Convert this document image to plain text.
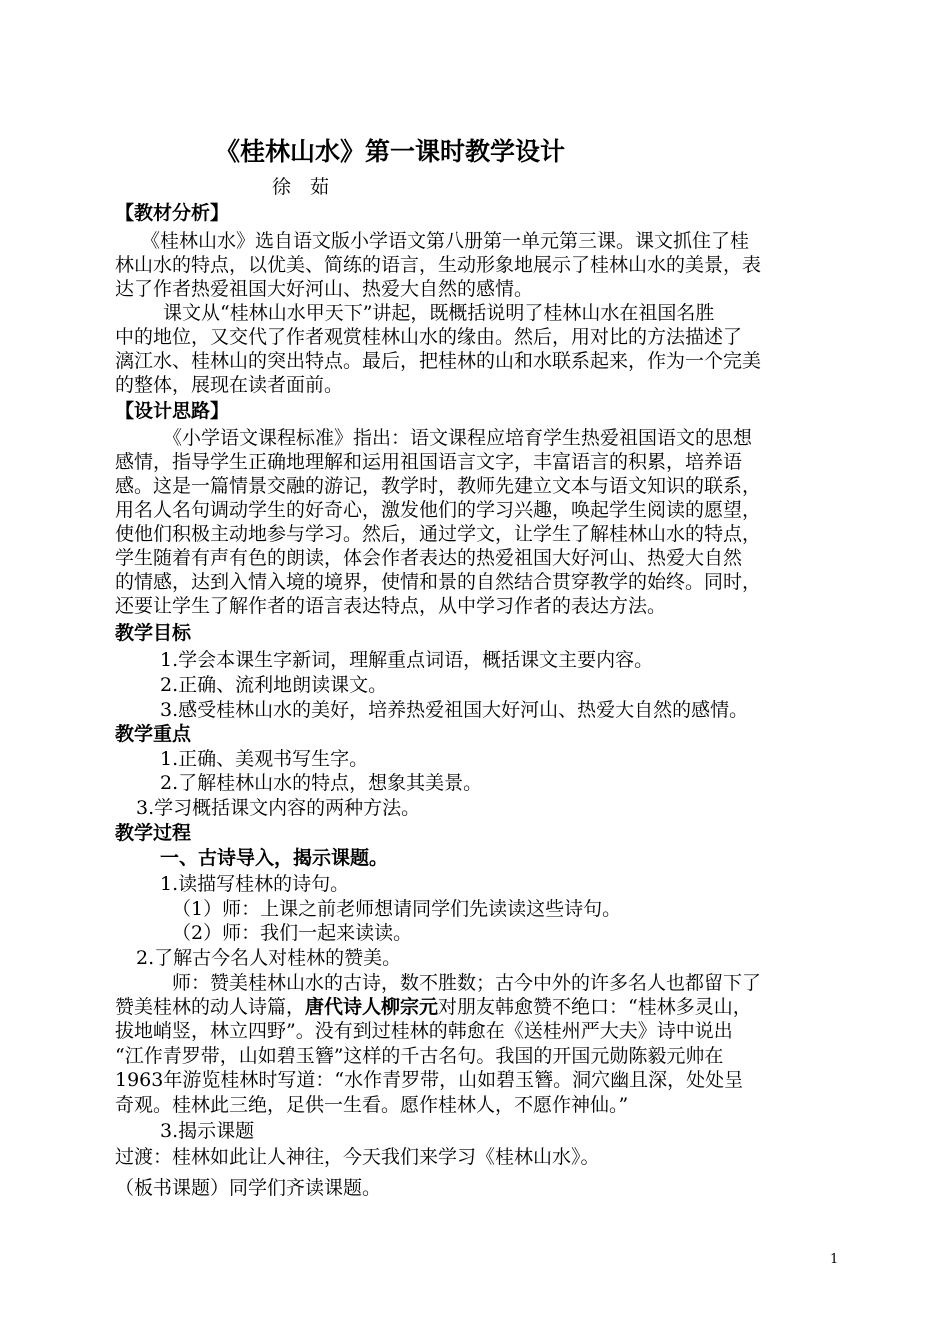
《桂林山水》第一课时教学设计
徐　茹
【教材分析】
《桂林山水》选自语文版小学语文第八册第一单元第三课。课文抓住了桂
林山水的特点，以优美、简练的语言，生动形象地展示了桂林山水的美景，表
达了作者热爱祖国大好河山、热爱大自然的感情。
课文从“桂林山水甲天下”讲起，既概括说明了桂林山水在祖国名胜
中的地位，又交代了作者观赏桂林山水的缘由。然后，用对比的方法描述了
漓江水、桂林山的突出特点。最后，把桂林的山和水联系起来，作为一个完美
的整体，展现在读者面前。
【设计思路】
《小学语文课程标准》指出：语文课程应培育学生热爱祖国语文的思想
感情，指导学生正确地理解和运用祖国语言文字，丰富语言的积累，培养语
感。这是一篇情景交融的游记，教学时，教师先建立文本与语文知识的联系，
用名人名句调动学生的好奇心，激发他们的学习兴趣，唤起学生阅读的愿望，
使他们积极主动地参与学习。然后，通过学文，让学生了解桂林山水的特点，
学生随着有声有色的朗读，体会作者表达的热爱祖国大好河山、热爱大自然
的情感，达到入情入境的境界，使情和景的自然结合贯穿教学的始终。同时，
还要让学生了解作者的语言表达特点，从中学习作者的表达方法。
教学目标
1.学会本课生字新词，理解重点词语，概括课文主要内容。
2.正确、流利地朗读课文。
3.感受桂林山水的美好，培养热爱祖国大好河山、热爱大自然的感情。
教学重点
1.正确、美观书写生字。
2.了解桂林山水的特点，想象其美景。
3.学习概括课文内容的两种方法。
教学过程
一、古诗导入，揭示课题。
1.读描写桂林的诗句。
（1）师：上课之前老师想请同学们先读读这些诗句。
（2）师：我们一起来读读。
2.了解古今名人对桂林的赞美。
师：赞美桂林山水的古诗，数不胜数；古今中外的许多名人也都留下了
赞美桂林的动人诗篇，唐代诗人柳宗元对朋友韩愈赞不绝口：“桂林多灵山，
拔地峭竖，林立四野”。没有到过桂林的韩愈在《送桂州严大夫》诗中说出
“江作青罗带，山如碧玉簪”这样的千古名句。我国的开国元勋陈毅元帅在
1963年游览桂林时写道：“水作青罗带，山如碧玉簪。洞穴幽且深，处处呈
奇观。桂林此三绝，足供一生看。愿作桂林人，不愿作神仙。”
3.揭示课题
过渡：桂林如此让人神往，今天我们来学习《桂林山水》。
（板书课题）同学们齐读课题。
1
